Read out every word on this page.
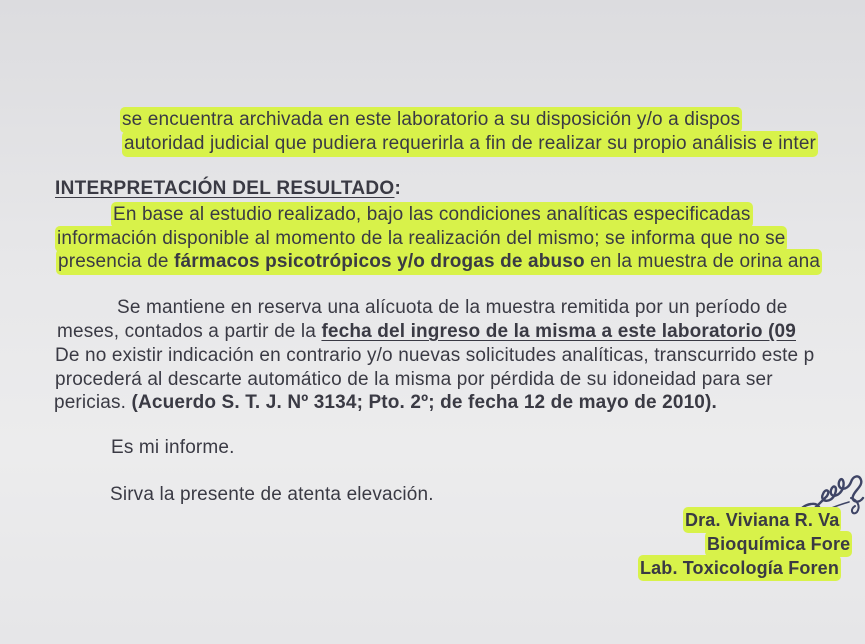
se encuentra archivada en este laboratorio a su disposición y/o a dispos
autoridad judicial que pudiera requerirla a fin de realizar su propio análisis e inter
INTERPRETACIÓN DEL RESULTADO:
En base al estudio realizado, bajo las condiciones analíticas especificadas
información disponible al momento de la realización del mismo; se informa que no se
presencia de fármacos psicotrópicos y/o drogas de abuso en la muestra de orina ana
Se mantiene en reserva una alícuota de la muestra remitida por un período de
meses, contados a partir de la fecha del ingreso de la misma a este laboratorio (09
De no existir indicación en contrario y/o nuevas solicitudes analíticas, transcurrido este p
procederá al descarte automático de la misma por pérdida de su idoneidad para ser
pericias. (Acuerdo S. T. J. Nº 3134; Pto. 2º; de fecha 12 de mayo de 2010).
Es mi informe.
Sirva la presente de atenta elevación.
Dra. Viviana R. Va
Bioquímica Fore
Lab. Toxicología Foren
